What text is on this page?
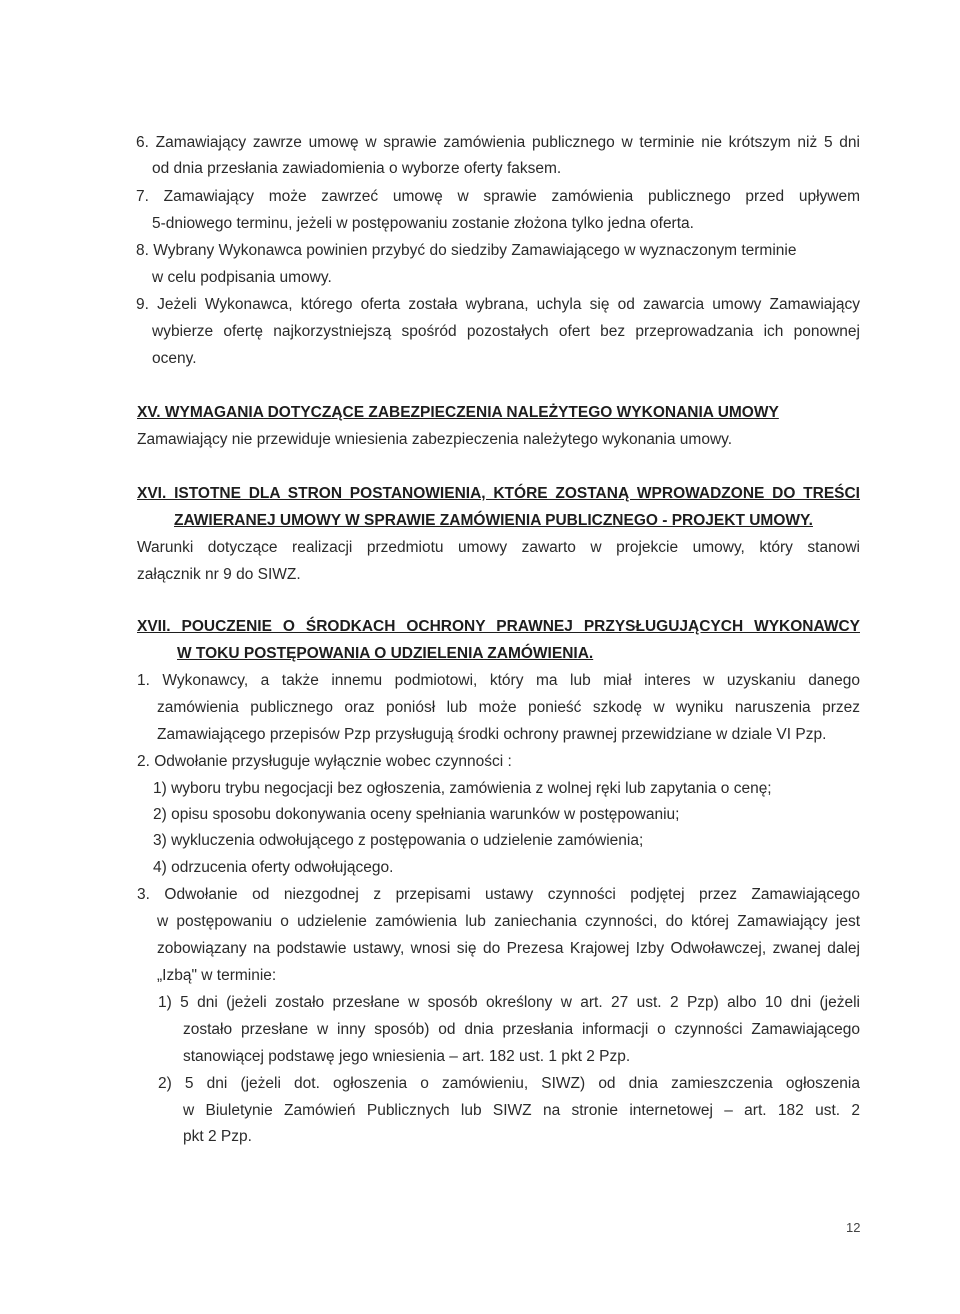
6. Zamawiający zawrze umowę w sprawie zamówienia publicznego w terminie nie krótszym niż 5 dni
od dnia przesłania zawiadomienia o wyborze oferty faksem.
7. Zamawiający może zawrzeć umowę w sprawie zamówienia publicznego przed upływem
5-dniowego terminu, jeżeli w postępowaniu zostanie złożona tylko jedna oferta.
8. Wybrany Wykonawca powinien przybyć do siedziby Zamawiającego w wyznaczonym terminie
w celu podpisania umowy.
9. Jeżeli Wykonawca, którego oferta została wybrana, uchyla się od zawarcia umowy Zamawiający
wybierze ofertę najkorzystniejszą spośród pozostałych ofert bez przeprowadzania ich ponownej
oceny.
XV. WYMAGANIA DOTYCZĄCE ZABEZPIECZENIA NALEŻYTEGO WYKONANIA UMOWY
Zamawiający nie przewiduje wniesienia zabezpieczenia należytego wykonania umowy.
XVI. ISTOTNE DLA STRON POSTANOWIENIA, KTÓRE ZOSTANĄ WPROWADZONE DO TREŚCI
ZAWIERANEJ UMOWY W SPRAWIE ZAMÓWIENIA PUBLICZNEGO - PROJEKT UMOWY.
Warunki dotyczące realizacji przedmiotu umowy zawarto w projekcie umowy, który stanowi
załącznik nr 9 do SIWZ.
XVII. POUCZENIE O ŚRODKACH OCHRONY PRAWNEJ PRZYSŁUGUJĄCYCH WYKONAWCY
W TOKU POSTĘPOWANIA O UDZIELENIA ZAMÓWIENIA.
1. Wykonawcy, a także innemu podmiotowi, który ma lub miał interes w uzyskaniu danego
zamówienia publicznego oraz poniósł lub może ponieść szkodę w wyniku naruszenia przez
Zamawiającego przepisów Pzp przysługują środki ochrony prawnej przewidziane w dziale VI Pzp.
2. Odwołanie przysługuje wyłącznie wobec czynności :
1) wyboru trybu negocjacji bez ogłoszenia, zamówienia z wolnej ręki lub zapytania o cenę;
2) opisu sposobu dokonywania oceny spełniania warunków w postępowaniu;
3) wykluczenia odwołującego z postępowania o udzielenie zamówienia;
4) odrzucenia oferty odwołującego.
3. Odwołanie od niezgodnej z przepisami ustawy czynności podjętej przez Zamawiającego
w postępowaniu o udzielenie zamówienia lub zaniechania czynności, do której Zamawiający jest
zobowiązany na podstawie ustawy, wnosi się do Prezesa Krajowej Izby Odwoławczej, zwanej dalej
„Izbą" w terminie:
1) 5 dni (jeżeli zostało przesłane w sposób określony w art. 27 ust. 2 Pzp) albo 10 dni (jeżeli
zostało przesłane w inny sposób) od dnia przesłania informacji o czynności Zamawiającego
stanowiącej podstawę jego wniesienia – art. 182 ust. 1 pkt 2 Pzp.
2) 5 dni (jeżeli dot. ogłoszenia o zamówieniu, SIWZ) od dnia zamieszczenia ogłoszenia
w Biuletynie Zamówień Publicznych lub SIWZ na stronie internetowej – art. 182 ust. 2
pkt 2 Pzp.
12
